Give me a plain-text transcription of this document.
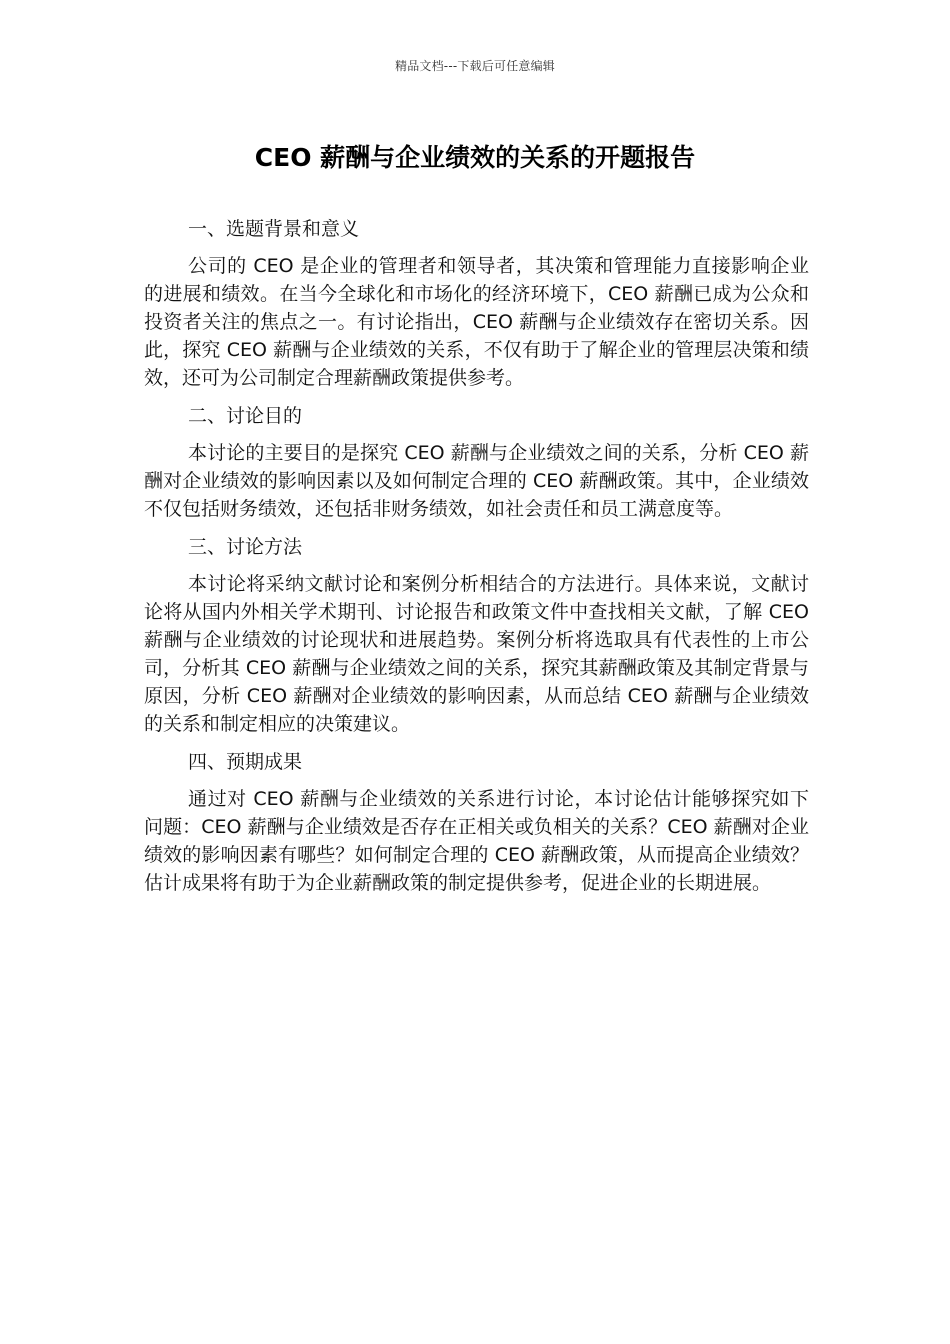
精品文档---下载后可任意编辑
CEO 薪酬与企业绩效的关系的开题报告

一、选题背景和意义

公司的 CEO 是企业的管理者和领导者，其决策和管理能力直接影响企业的进展和绩效。在当今全球化和市场化的经济环境下，CEO 薪酬已成为公众和投资者关注的焦点之一。有讨论指出，CEO 薪酬与企业绩效存在密切关系。因此，探究 CEO 薪酬与企业绩效的关系，不仅有助于了解企业的管理层决策和绩效，还可为公司制定合理薪酬政策提供参考。

二、讨论目的

本讨论的主要目的是探究 CEO 薪酬与企业绩效之间的关系，分析 CEO 薪酬对企业绩效的影响因素以及如何制定合理的 CEO 薪酬政策。其中，企业绩效不仅包括财务绩效，还包括非财务绩效，如社会责任和员工满意度等。

三、讨论方法

本讨论将采纳文献讨论和案例分析相结合的方法进行。具体来说，文献讨论将从国内外相关学术期刊、讨论报告和政策文件中查找相关文献，了解 CEO 薪酬与企业绩效的讨论现状和进展趋势。案例分析将选取具有代表性的上市公司，分析其 CEO 薪酬与企业绩效之间的关系，探究其薪酬政策及其制定背景与原因，分析 CEO 薪酬对企业绩效的影响因素，从而总结 CEO 薪酬与企业绩效的关系和制定相应的决策建议。

四、预期成果

通过对 CEO 薪酬与企业绩效的关系进行讨论，本讨论估计能够探究如下问题：CEO 薪酬与企业绩效是否存在正相关或负相关的关系？CEO 薪酬对企业绩效的影响因素有哪些？如何制定合理的 CEO 薪酬政策，从而提高企业绩效？估计成果将有助于为企业薪酬政策的制定提供参考，促进企业的长期进展。
